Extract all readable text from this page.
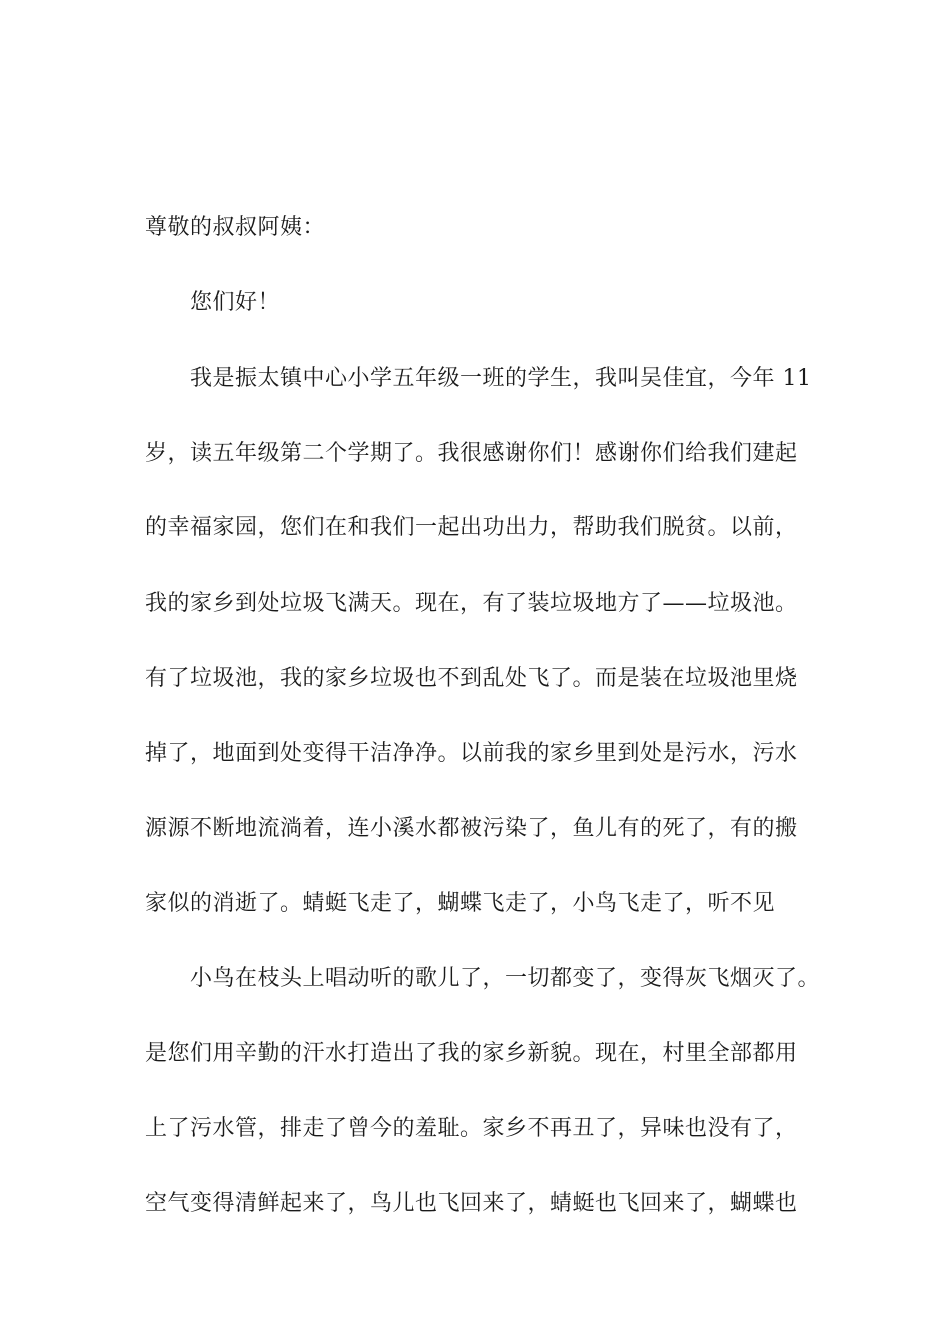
尊敬的叔叔阿姨：
您们好！
我是振太镇中心小学五年级一班的学生，我叫吴佳宜，今年 11
岁，读五年级第二个学期了。我很感谢你们！感谢你们给我们建起
的幸福家园，您们在和我们一起出功出力，帮助我们脱贫。以前，
我的家乡到处垃圾飞满天。现在，有了装垃圾地方了——垃圾池。
有了垃圾池，我的家乡垃圾也不到乱处飞了。而是装在垃圾池里烧
掉了，地面到处变得干洁净净。以前我的家乡里到处是污水，污水
源源不断地流淌着，连小溪水都被污染了，鱼儿有的死了，有的搬
家似的消逝了。蜻蜓飞走了，蝴蝶飞走了，小鸟飞走了，听不见
小鸟在枝头上唱动听的歌儿了，一切都变了，变得灰飞烟灭了。
是您们用辛勤的汗水打造出了我的家乡新貌。现在，村里全部都用
上了污水管，排走了曾今的羞耻。家乡不再丑了，异味也没有了，
空气变得清鲜起来了，鸟儿也飞回来了，蜻蜓也飞回来了，蝴蝶也
